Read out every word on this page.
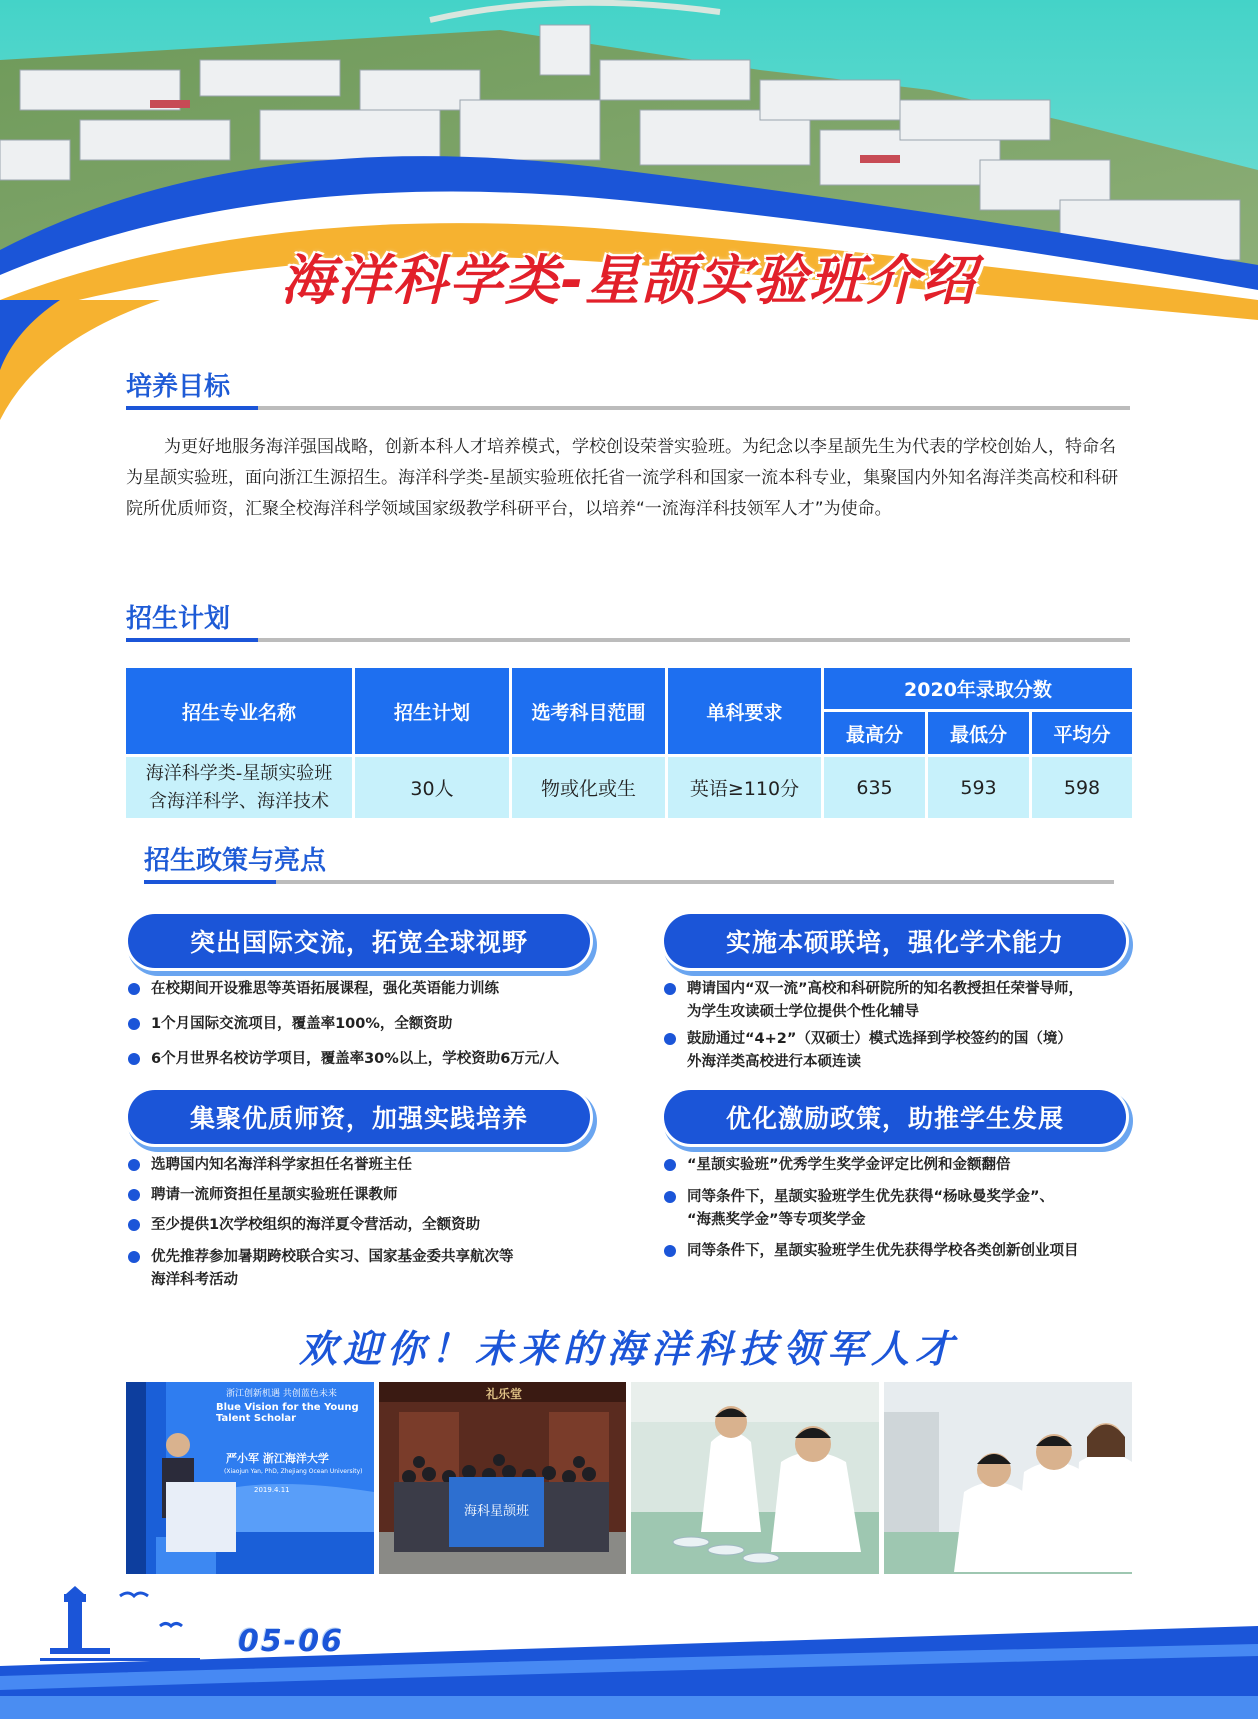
海洋科学类-星颉实验班介绍
培养目标
为更好地服务海洋强国战略，创新本科人才培养模式，学校创设荣誉实验班。为纪念以李星颉先生为代表的学校创始人，特命名为星颉实验班，面向浙江生源招生。海洋科学类-星颉实验班依托省一流学科和国家一流本科专业，集聚国内外知名海洋类高校和科研院所优质师资，汇聚全校海洋科学领域国家级教学科研平台，以培养“一流海洋科技领军人才”为使命。
招生计划
招生专业名称	招生计划	选考科目范围	单科要求
2020年录取分数
最高分	最低分	平均分
海洋科学类-星颉实验班
含海洋科学、海洋技术
30人	物或化或生	英语≥110分	635	593	598
招生政策与亮点
突出国际交流，拓宽全球视野
在校期间开设雅思等英语拓展课程，强化英语能力训练
1个月国际交流项目，覆盖率100%，全额资助
6个月世界名校访学项目，覆盖率30%以上，学校资助6万元/人
实施本硕联培，强化学术能力
聘请国内“双一流”高校和科研院所的知名教授担任荣誉导师，
为学生攻读硕士学位提供个性化辅导
鼓励通过“4+2”（双硕士）模式选择到学校签约的国（境）
外海洋类高校进行本硕连读
集聚优质师资，加强实践培养
选聘国内知名海洋科学家担任名誉班主任
聘请一流师资担任星颉实验班任课教师
至少提供1次学校组织的海洋夏令营活动，全额资助
优先推荐参加暑期跨校联合实习、国家基金委共享航次等
海洋科考活动
优化激励政策，助推学生发展
“星颉实验班”优秀学生奖学金评定比例和金额翻倍
同等条件下，星颉实验班学生优先获得“杨咏曼奖学金”、
“海燕奖学金”等专项奖学金
同等条件下，星颉实验班学生优先获得学校各类创新创业项目
欢迎你！未来的海洋科技领军人才
浙江创新机遇 共创蓝色未来
Blue Vision for the Young Talent Scholar
严小军 浙江海洋大学
(Xiaojun Yan, PhD, Zhejiang Ocean University)
2019.4.11
礼乐堂
海科星颉班
05-06
